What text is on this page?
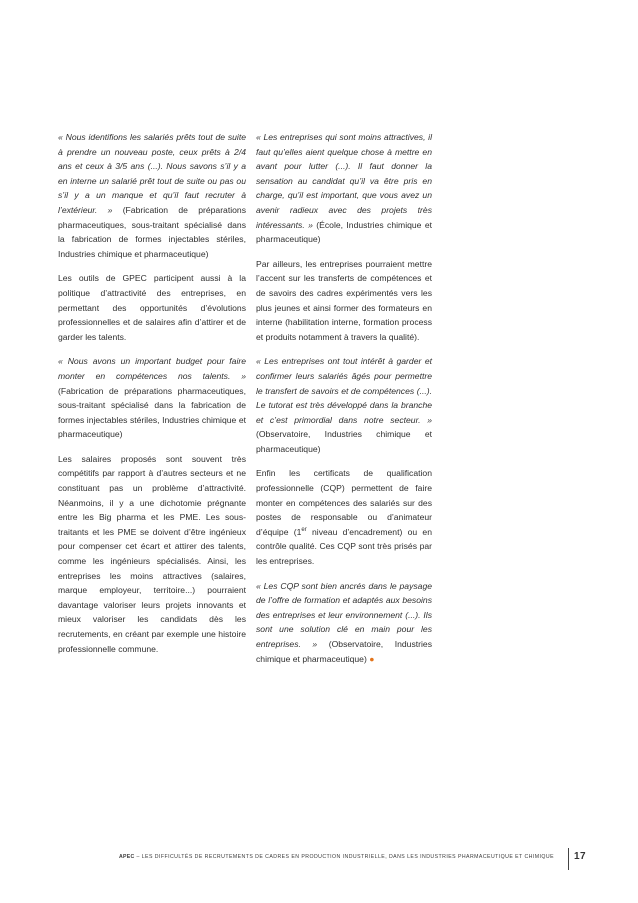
« Nous identifions les salariés prêts tout de suite à prendre un nouveau poste, ceux prêts à 2/4 ans et ceux à 3/5 ans (...). Nous savons s’il y a en interne un salarié prêt tout de suite ou pas ou s’il y a un manque et qu’il faut recruter à l’extérieur. » (Fabrication de préparations pharmaceutiques, sous-traitant spécialisé dans la fabrication de formes injectables stériles, Industries chimique et pharmaceutique)

Les outils de GPEC participent aussi à la politique d’attractivité des entreprises, en permettant des opportunités d’évolutions professionnelles et de salaires afin d’attirer et de garder les talents.

« Nous avons un important budget pour faire monter en compétences nos talents. » (Fabrication de préparations pharmaceutiques, sous-traitant spécialisé dans la fabrication de formes injectables stériles, Industries chimique et pharmaceutique)

Les salaires proposés sont souvent très compétitifs par rapport à d’autres secteurs et ne constituant pas un problème d’attractivité. Néanmoins, il y a une dichotomie prégnante entre les Big pharma et les PME. Les sous-traitants et les PME se doivent d’être ingénieux pour compenser cet écart et attirer des talents, comme les ingénieurs spécialisés. Ainsi, les entreprises les moins attractives (salaires, marque employeur, territoire...) pourraient davantage valoriser leurs projets innovants et mieux valoriser les candidats dès les recrutements, en créant par exemple une histoire professionnelle commune.

« Les entreprises qui sont moins attractives, il faut qu’elles aient quelque chose à mettre en avant pour lutter (...). Il faut donner la sensation au candidat qu’il va être pris en charge, qu’il est important, que vous avez un avenir radieux avec des projets très intéressants. » (École, Industries chimique et pharmaceutique)

Par ailleurs, les entreprises pourraient mettre l’accent sur les transferts de compétences et de savoirs des cadres expérimentés vers les plus jeunes et ainsi former des formateurs en interne (habilitation interne, formation process et produits notamment à travers la qualité).

« Les entreprises ont tout intérêt à garder et confirmer leurs salariés âgés pour permettre le transfert de savoirs et de compétences (...). Le tutorat est très développé dans la branche et c’est primordial dans notre secteur. » (Observatoire, Industries chimique et pharmaceutique)

Enfin les certificats de qualification professionnelle (CQP) permettent de faire monter en compétences des salariés sur des postes de responsable ou d’animateur d’équipe (1er niveau d’encadrement) ou en contrôle qualité. Ces CQP sont très prisés par les entreprises.

« Les CQP sont bien ancrés dans le paysage de l’offre de formation et adaptés aux besoins des entreprises et leur environnement (...). Ils sont une solution clé en main pour les entreprises. » (Observatoire, Industries chimique et pharmaceutique) ●

APEC – LES DIFFICULTÉS DE RECRUTEMENTS DE CADRES EN PRODUCTION INDUSTRIELLE, DANS LES INDUSTRIES PHARMACEUTIQUE ET CHIMIQUE 17
